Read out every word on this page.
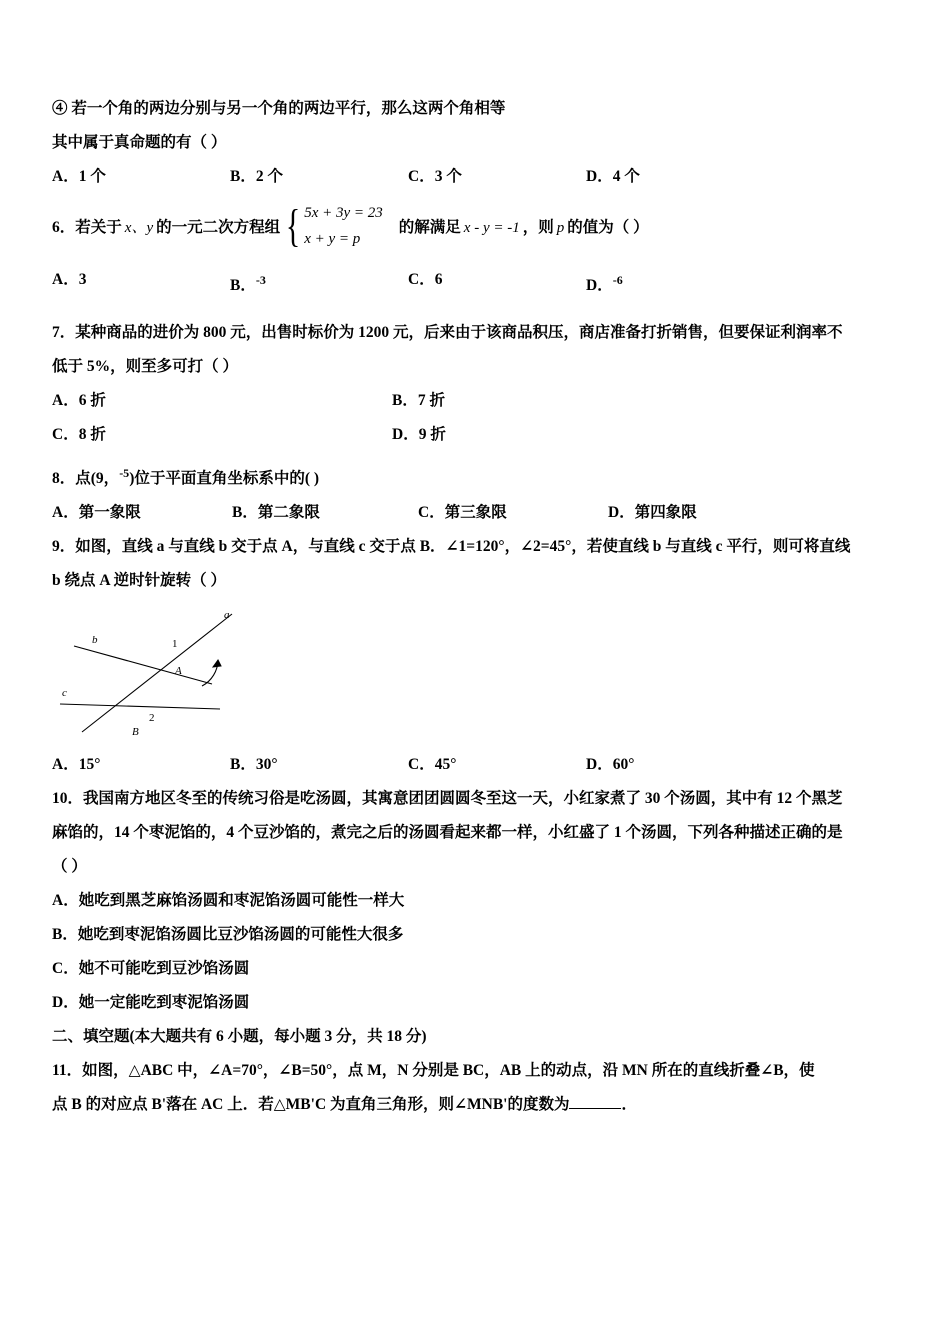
④ 若一个角的两边分别与另一个角的两边平行，那么这两个角相等
其中属于真命题的有（ ）
A．1 个	B．2 个	C．3 个	D．4 个
6． 若关于 x、y 的一元二次方程组 { 5x + 3y = 23
x + y = p
的解满足 x - y = -1 ，则 p 的值为（ ）
A．3	B．$^{-3}$	C．6	D．$^{-6}$
7．某种商品的进价为 800 元，出售时标价为 1200 元，后来由于该商品积压，商店准备打折销售，但要保证利润率不
低于 5%，则至多可打（ ）
A．6 折	B．7 折
C．8 折	D．9 折
8．点(9，$^{-5}$)位于平面直角坐标系中的( )
A．第一象限	B．第二象限	C．第三象限	D．第四象限
9．如图，直线 a 与直线 b 交于点 A，与直线 c 交于点 B．∠1=120°，∠2=45°，若使直线 b 与直线 c 平行，则可将直线
b 绕点 A 逆时针旋转（ ）
a
b
c
1
2
A
B
A．15°	B．30°	C．45°	D．60°
10．我国南方地区冬至的传统习俗是吃汤圆，其寓意团团圆圆冬至这一天，小红家煮了 30 个汤圆，其中有 12 个黑芝
麻馅的，14 个枣泥馅的，4 个豆沙馅的，煮完之后的汤圆看起来都一样，小红盛了 1 个汤圆，下列各种描述正确的是
（ ）
A．她吃到黑芝麻馅汤圆和枣泥馅汤圆可能性一样大
B．她吃到枣泥馅汤圆比豆沙馅汤圆的可能性大很多
C．她不可能吃到豆沙馅汤圆
D．她一定能吃到枣泥馅汤圆
二、填空题(本大题共有 6 小题，每小题 3 分，共 18 分)
11．如图，△ABC 中，∠A=70°，∠B=50°，点 M，N 分别是 BC，AB 上的动点，沿 MN 所在的直线折叠∠B，使
点 B 的对应点 B'落在 AC 上．若△MB'C 为直角三角形，则∠MNB'的度数为	．
